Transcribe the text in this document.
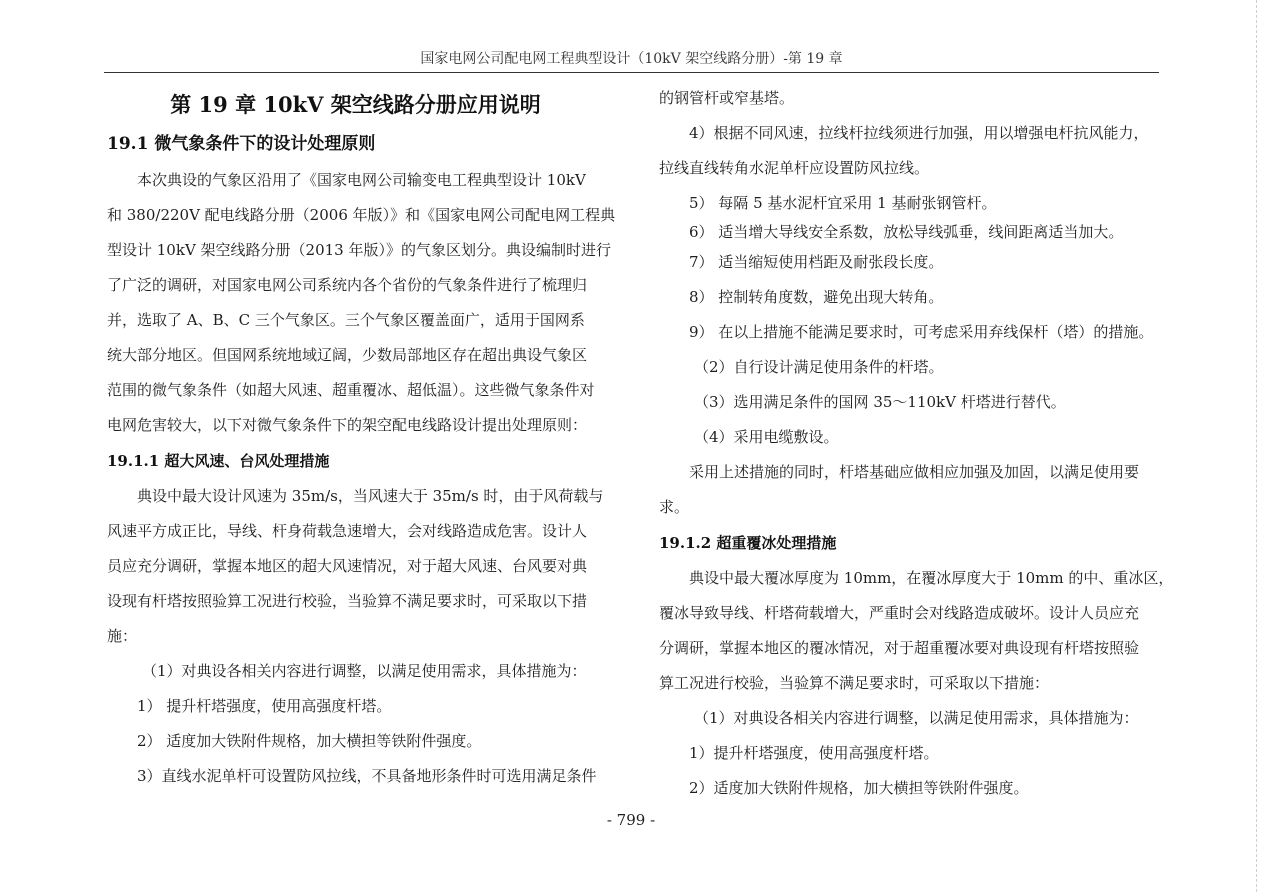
国家电网公司配电网工程典型设计（10kV 架空线路分册）-第 19 章
第 19 章 10kV 架空线路分册应用说明
19.1 微气象条件下的设计处理原则
本次典设的气象区沿用了《国家电网公司输变电工程典型设计 10kV
和 380/220V 配电线路分册（2006 年版）》和《国家电网公司配电网工程典
型设计 10kV 架空线路分册（2013 年版）》的气象区划分。典设编制时进行
了广泛的调研，对国家电网公司系统内各个省份的气象条件进行了梳理归
并，选取了 A、B、C 三个气象区。三个气象区覆盖面广，适用于国网系
统大部分地区。但国网系统地域辽阔，少数局部地区存在超出典设气象区
范围的微气象条件（如超大风速、超重覆冰、超低温）。这些微气象条件对
电网危害较大，以下对微气象条件下的架空配电线路设计提出处理原则：
19.1.1 超大风速、台风处理措施
典设中最大设计风速为 35m/s，当风速大于 35m/s 时，由于风荷载与
风速平方成正比，导线、杆身荷载急速增大，会对线路造成危害。设计人
员应充分调研，掌握本地区的超大风速情况，对于超大风速、台风要对典
设现有杆塔按照验算工况进行校验，当验算不满足要求时，可采取以下措
施：
（1）对典设各相关内容进行调整，以满足使用需求，具体措施为：
1） 提升杆塔强度，使用高强度杆塔。
2） 适度加大铁附件规格，加大横担等铁附件强度。
3）直线水泥单杆可设置防风拉线，不具备地形条件时可选用满足条件
的钢管杆或窄基塔。
4）根据不同风速，拉线杆拉线须进行加强，用以增强电杆抗风能力，
拉线直线转角水泥单杆应设置防风拉线。
5） 每隔 5 基水泥杆宜采用 1 基耐张钢管杆。
6） 适当增大导线安全系数，放松导线弧垂，线间距离适当加大。
7） 适当缩短使用档距及耐张段长度。
8） 控制转角度数，避免出现大转角。
9） 在以上措施不能满足要求时，可考虑采用弃线保杆（塔）的措施。
（2）自行设计满足使用条件的杆塔。
（3）选用满足条件的国网 35～110kV 杆塔进行替代。
（4）采用电缆敷设。
采用上述措施的同时，杆塔基础应做相应加强及加固，以满足使用要
求。
19.1.2 超重覆冰处理措施
典设中最大覆冰厚度为 10mm，在覆冰厚度大于 10mm 的中、重冰区，
覆冰导致导线、杆塔荷载增大，严重时会对线路造成破坏。设计人员应充
分调研，掌握本地区的覆冰情况，对于超重覆冰要对典设现有杆塔按照验
算工况进行校验，当验算不满足要求时，可采取以下措施：
（1）对典设各相关内容进行调整，以满足使用需求，具体措施为：
1）提升杆塔强度，使用高强度杆塔。
2）适度加大铁附件规格，加大横担等铁附件强度。
- 799 -
